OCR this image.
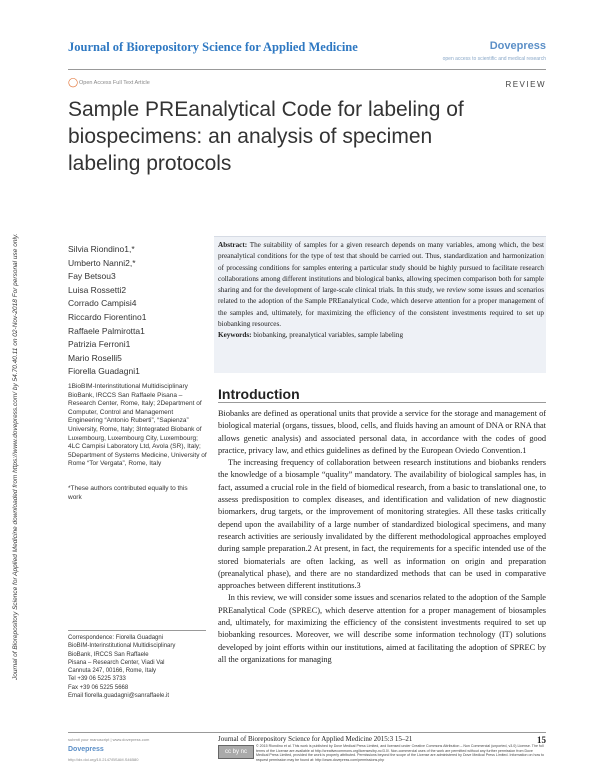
Journal of Biorepository Science for Applied Medicine	Dovepress
open access to scientific and medical research
◯ Open Access Full Text Article	REVIEW
Journal of Biorepository Science for Applied Medicine downloaded from https://www.dovepress.com/ by 54.70.40.11 on 02-Nov-2018 For personal use only.
Sample PREanalytical Code for labeling of biospecimens: an analysis of specimen labeling protocols
Silvia Riondino1,*
Umberto Nanni2,*
Fay Betsou3
Luisa Rossetti2
Corrado Campisi4
Riccardo Fiorentino1
Raffaele Palmirotta1
Patrizia Ferroni1
Mario Roselli5
Fiorella Guadagni1
1BioBIM-Interinstitutional Multidisciplinary BioBank, IRCCS San Raffaele Pisana – Research Center, Rome, Italy; 2Department of Computer, Control and Management Engineering “Antonio Ruberti”, “Sapienza” University, Rome, Italy; 3Integrated Biobank of Luxembourg, Luxembourg City, Luxembourg; 4LC Campisi Laboratory Ltd, Avola (SR), Italy; 5Department of Systems Medicine, University of Rome “Tor Vergata”, Rome, Italy
*These authors contributed equally to this work
Correspondence: Fiorella Guadagni
BioBIM-Interinstitutional Multidisciplinary
BioBank, IRCCS San Raffaele
Pisana – Research Center, Viadi Val
Cannuta 247, 00166, Rome, Italy
Tel +39 06 5225 3733
Fax +39 06 5225 5668
Email fiorella.guadagni@sanraffaele.it
Abstract: The suitability of samples for a given research depends on many variables, among which, the best preanalytical conditions for the type of test that should be carried out. Thus, standardization and harmonization of processing conditions for samples entering a particular study should be highly pursued to facilitate research collaborations among different institutions and biological banks, allowing specimen comparison both for sample sharing and for the development of large-scale clinical trials. In this study, we review some issues and scenarios related to the adoption of the Sample PREanalytical Code, which deserve attention for a proper management of the samples and, ultimately, for maximizing the efficiency of the consistent investments required to set up biobanking resources.
Keywords: biobanking, preanalytical variables, sample labeling
Introduction

Biobanks are defined as operational units that provide a service for the storage and management of biological material (organs, tissues, blood, cells, and fluids having an amount of DNA or RNA that allows genetic analysis) and associated personal data, in accordance with the codes of good practice, privacy law, and ethics guidelines as defined by the European Oviedo Convention.1

The increasing frequency of collaboration between research institutions and biobanks renders the knowledge of a biosample “quality” mandatory. The availability of biological samples has, in fact, assumed a crucial role in the field of biomedical research, from a basic to translational one, to assess predisposition to complex diseases, and identification and validation of new diagnostic biomarkers, drug targets, or the improvement of monitoring strategies. All these tasks critically depend upon the availability of a large number of standardized biological specimens, and many research activities are seriously invalidated by the different methodological approaches employed during sample preparation.2 At present, in fact, the requirements for a specific intended use of the stored biomaterials are often lacking, as well as information on origin and preparation (preanalytical phase), and there are no standardized methods that can be used in comparative approaches between different institutions.3

In this review, we will consider some issues and scenarios related to the adoption of the Sample PREanalytical Code (SPREC), which deserve attention for a proper management of biosamples and, ultimately, for maximizing the efficiency of the consistent investments required to set up biobanking resources. Moreover, we will describe some information technology (IT) solutions developed by joint efforts within our institutions, aimed at facilitating the adoption of SPREC by all the organizations for managing

submit your manuscript | www.dovepress.com
Dovepress
http://dx.doi.org/10.2147/BSAM.S46580
Journal of Biorepository Science for Applied Medicine 2015:3 15–21	15
cc by nc
© 2015 Riondino et al. This work is published by Dove Medical Press Limited, and licensed under Creative Commons Attribution – Non Commercial (unported, v3.0) License. The full terms of the License are available at http://creativecommons.org/licenses/by-nc/3.0/. Non-commercial uses of the work are permitted without any further permission from Dove Medical Press Limited, provided the work is properly attributed. Permissions beyond the scope of the License are administered by Dove Medical Press Limited. Information on how to request permission may be found at: http://www.dovepress.com/permissions.php
